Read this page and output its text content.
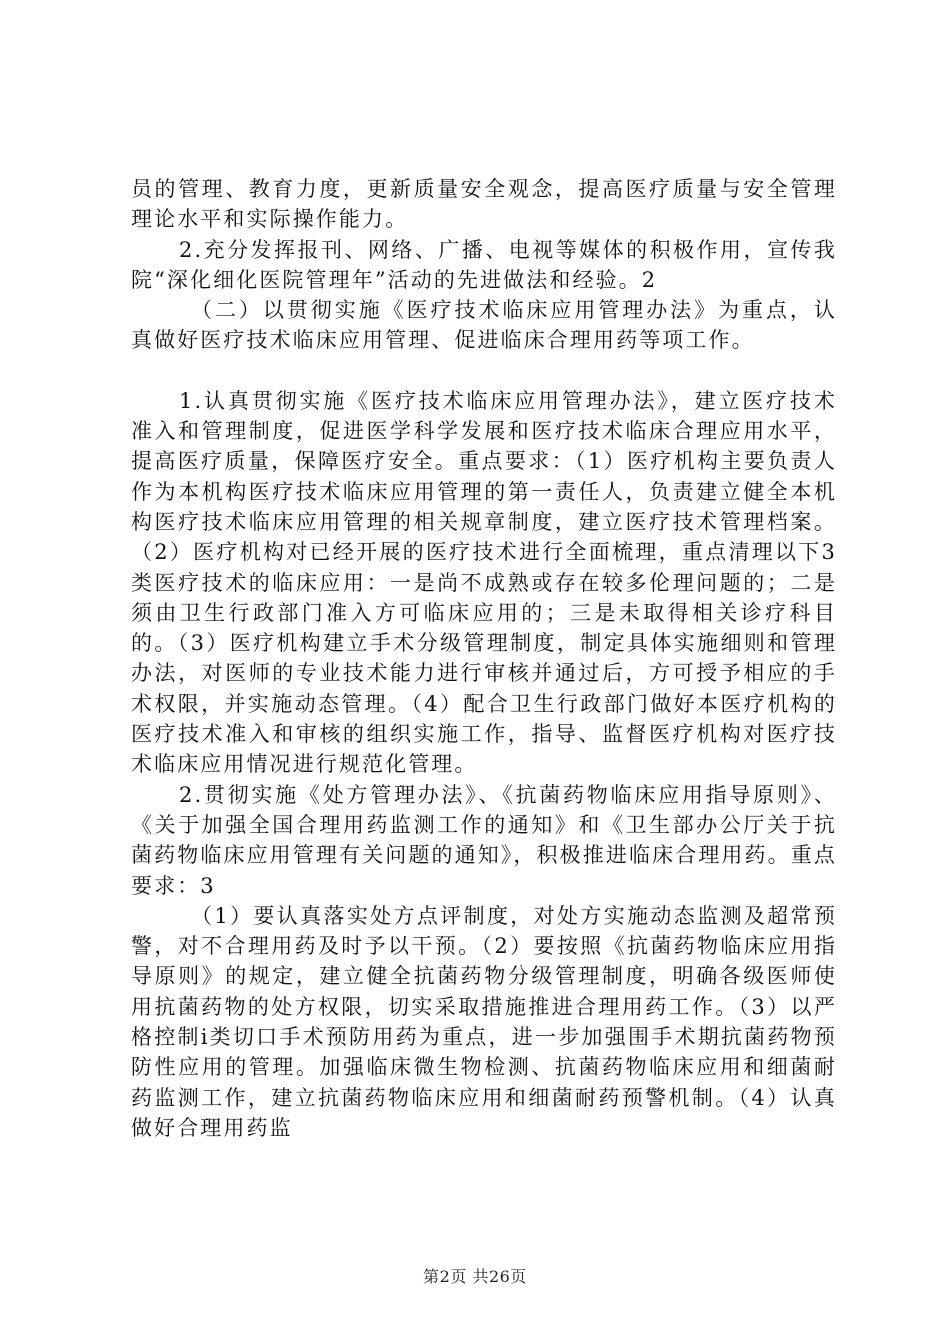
员的管理、教育力度，更新质量安全观念，提高医疗质量与安全管理理论水平和实际操作能力。

2.充分发挥报刊、网络、广播、电视等媒体的积极作用，宣传我院“深化细化医院管理年”活动的先进做法和经验。2

（二）以贯彻实施《医疗技术临床应用管理办法》为重点，认真做好医疗技术临床应用管理、促进临床合理用药等项工作。

1.认真贯彻实施《医疗技术临床应用管理办法》，建立医疗技术准入和管理制度，促进医学科学发展和医疗技术临床合理应用水平，提高医疗质量，保障医疗安全。重点要求：（1）医疗机构主要负责人作为本机构医疗技术临床应用管理的第一责任人，负责建立健全本机构医疗技术临床应用管理的相关规章制度，建立医疗技术管理档案。（2）医疗机构对已经开展的医疗技术进行全面梳理，重点清理以下3类医疗技术的临床应用：一是尚不成熟或存在较多伦理问题的；二是须由卫生行政部门准入方可临床应用的；三是未取得相关诊疗科目的。（3）医疗机构建立手术分级管理制度，制定具体实施细则和管理办法，对医师的专业技术能力进行审核并通过后，方可授予相应的手术权限，并实施动态管理。（4）配合卫生行政部门做好本医疗机构的医疗技术准入和审核的组织实施工作，指导、监督医疗机构对医疗技术临床应用情况进行规范化管理。

2.贯彻实施《处方管理办法》、《抗菌药物临床应用指导原则》、《关于加强全国合理用药监测工作的通知》和《卫生部办公厅关于抗菌药物临床应用管理有关问题的通知》，积极推进临床合理用药。重点要求：3

（1）要认真落实处方点评制度，对处方实施动态监测及超常预警，对不合理用药及时予以干预。（2）要按照《抗菌药物临床应用指导原则》的规定，建立健全抗菌药物分级管理制度，明确各级医师使用抗菌药物的处方权限，切实采取措施推进合理用药工作。（3）以严格控制i类切口手术预防用药为重点，进一步加强围手术期抗菌药物预防性应用的管理。加强临床微生物检测、抗菌药物临床应用和细菌耐药监测工作，建立抗菌药物临床应用和细菌耐药预警机制。（4）认真做好合理用药监

第2页 共26页
